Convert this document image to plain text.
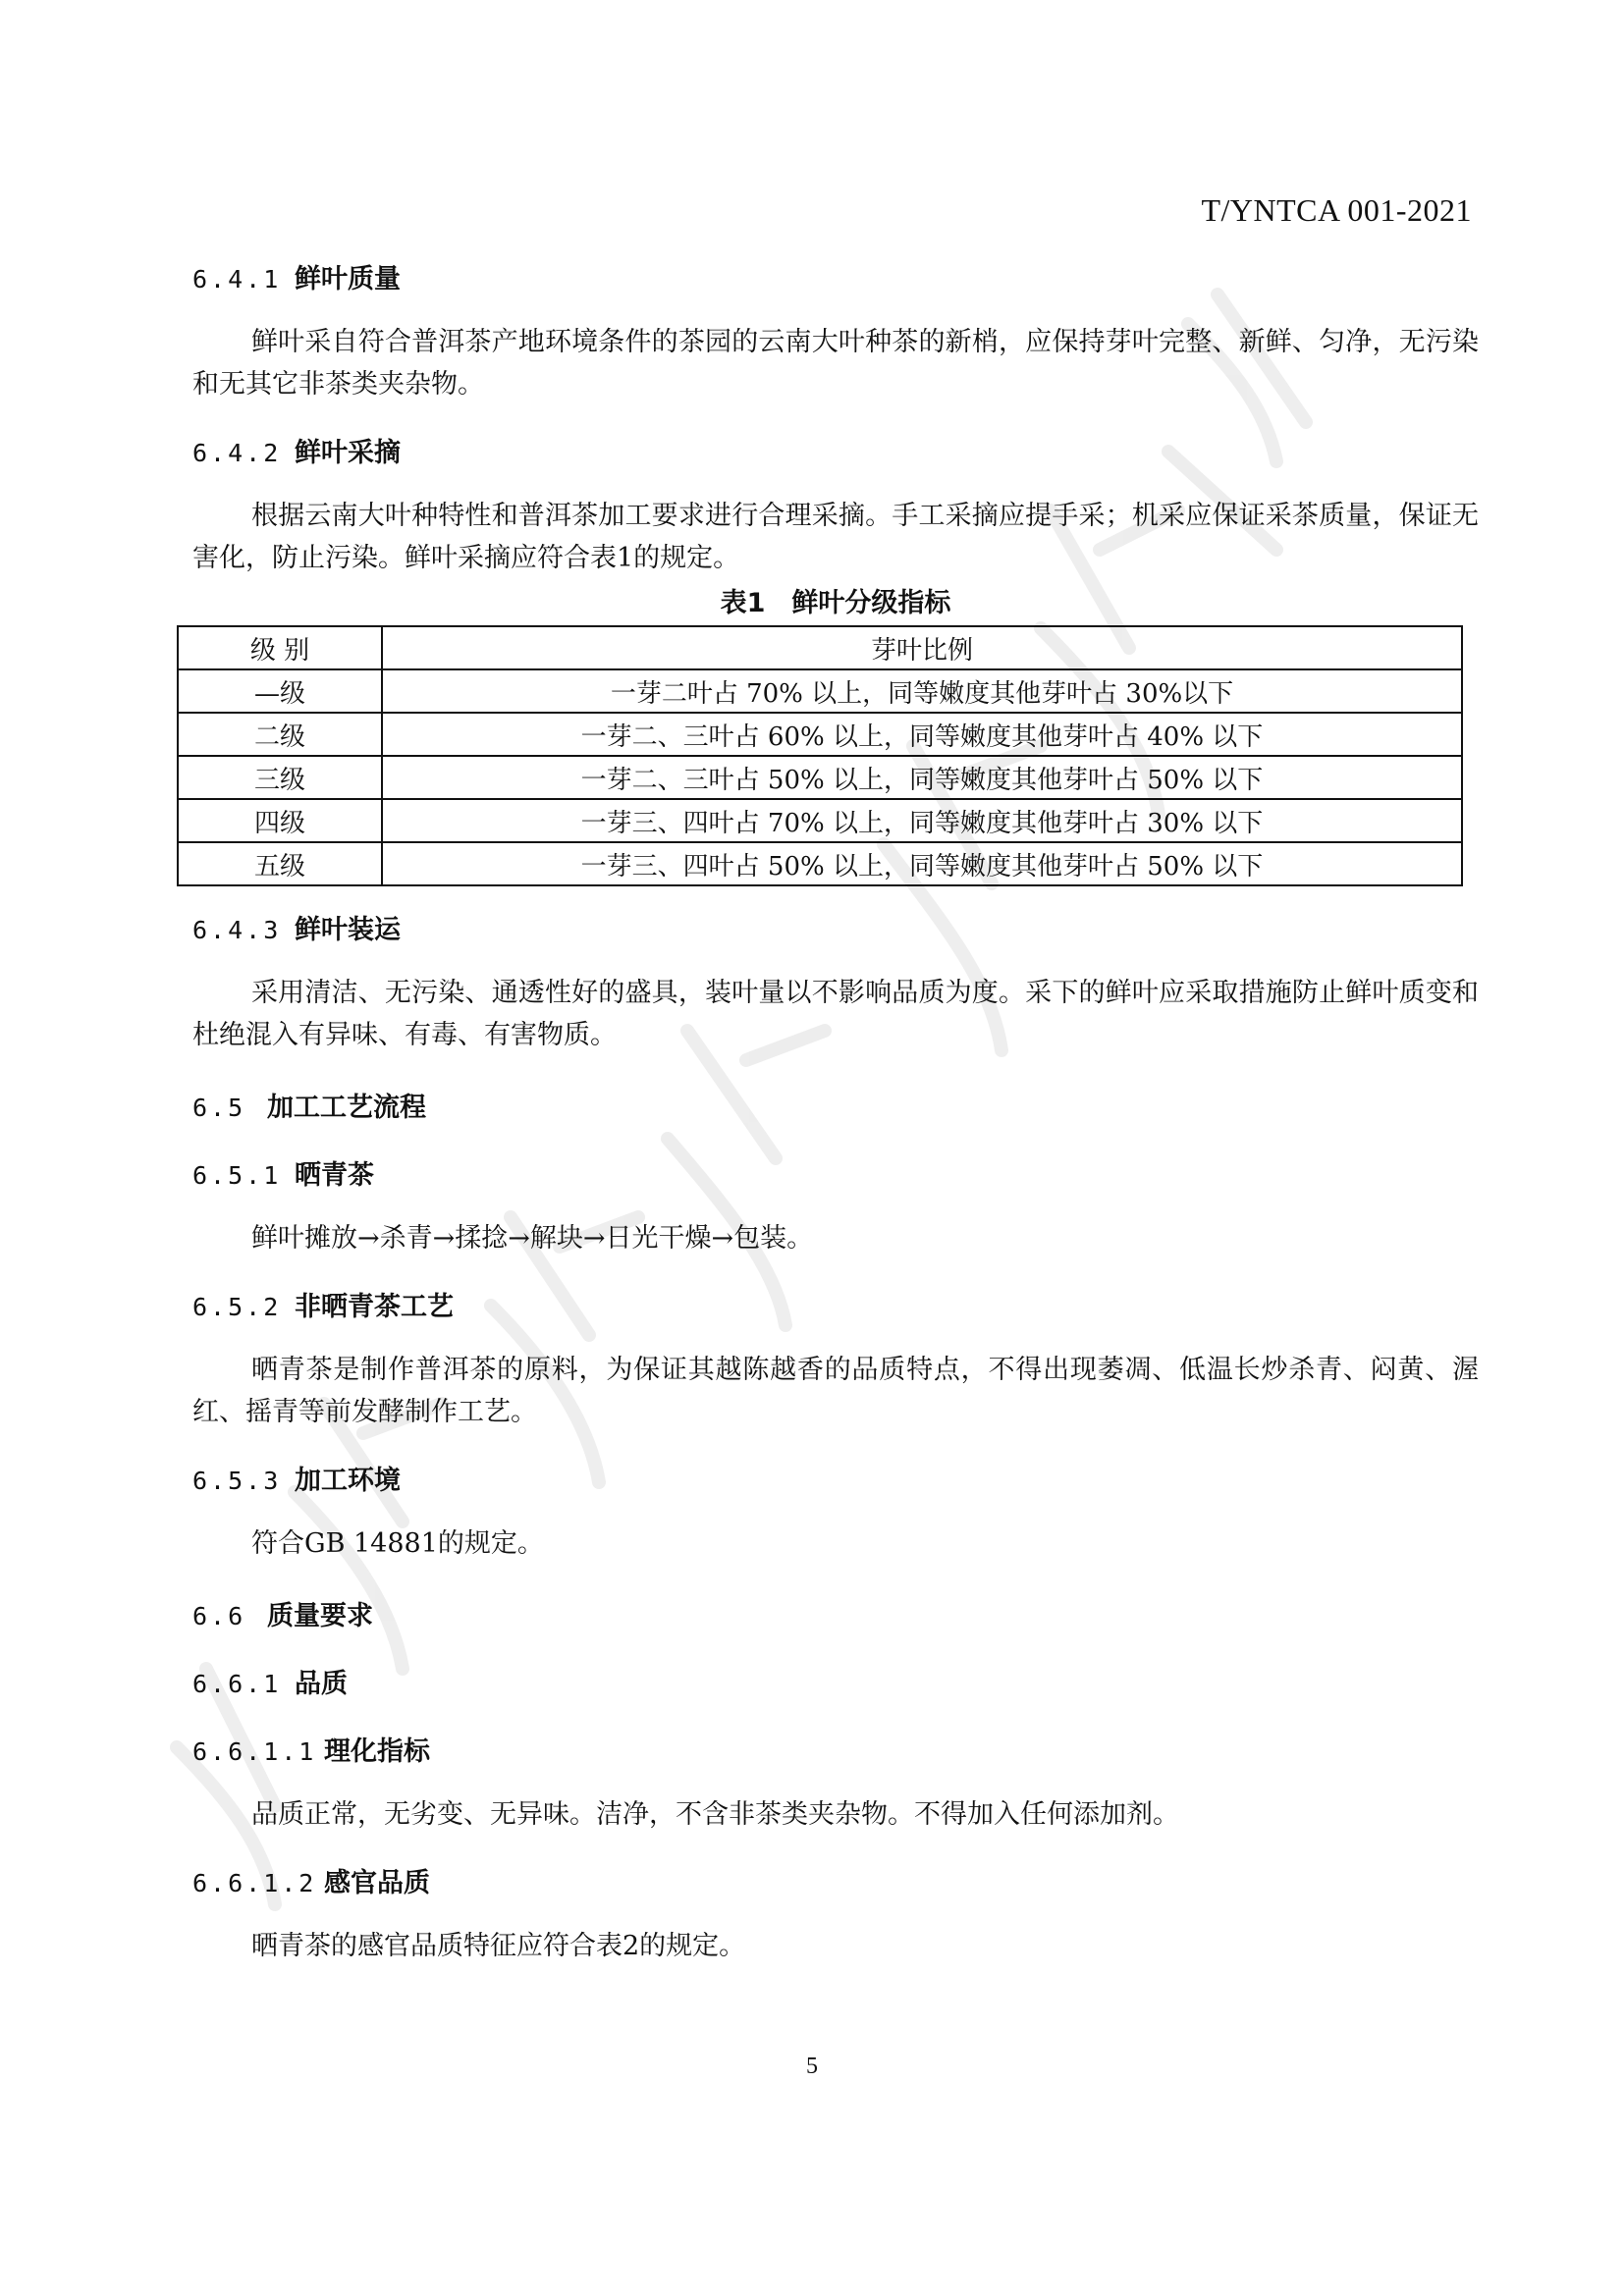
T/YNTCA 001-2021
6.4.1 鲜叶质量

鲜叶采自符合普洱茶产地环境条件的茶园的云南大叶种茶的新梢，应保持芽叶完整、新鲜、匀净，无污染和无其它非茶类夹杂物。

6.4.2 鲜叶采摘

根据云南大叶种特性和普洱茶加工要求进行合理采摘。手工采摘应提手采；机采应保证采茶质量，保证无害化，防止污染。鲜叶采摘应符合表1的规定。

表1　鲜叶分级指标
级 别	芽叶比例
—级	一芽二叶占 70% 以上，同等嫩度其他芽叶占 30%以下
二级	一芽二、三叶占 60% 以上，同等嫩度其他芽叶占 40% 以下
三级	一芽二、三叶占 50% 以上，同等嫩度其他芽叶占 50% 以下
四级	一芽三、四叶占 70% 以上，同等嫩度其他芽叶占 30% 以下
五级	一芽三、四叶占 50% 以上，同等嫩度其他芽叶占 50% 以下
6.4.3 鲜叶装运

采用清洁、无污染、通透性好的盛具，装叶量以不影响品质为度。采下的鲜叶应采取措施防止鲜叶质变和杜绝混入有异味、有毒、有害物质。

6.5 加工工艺流程
6.5.1 晒青茶

鲜叶摊放→杀青→揉捻→解块→日光干燥→包装。

6.5.2 非晒青茶工艺

晒青茶是制作普洱茶的原料，为保证其越陈越香的品质特点，不得出现萎凋、低温长炒杀青、闷黄、渥红、摇青等前发酵制作工艺。

6.5.3 加工环境

符合GB 14881的规定。

6.6 质量要求
6.6.1 品质
6.6.1.1 理化指标

品质正常，无劣变、无异味。洁净，不含非茶类夹杂物。不得加入任何添加剂。

6.6.1.2 感官品质

晒青茶的感官品质特征应符合表2的规定。

5
